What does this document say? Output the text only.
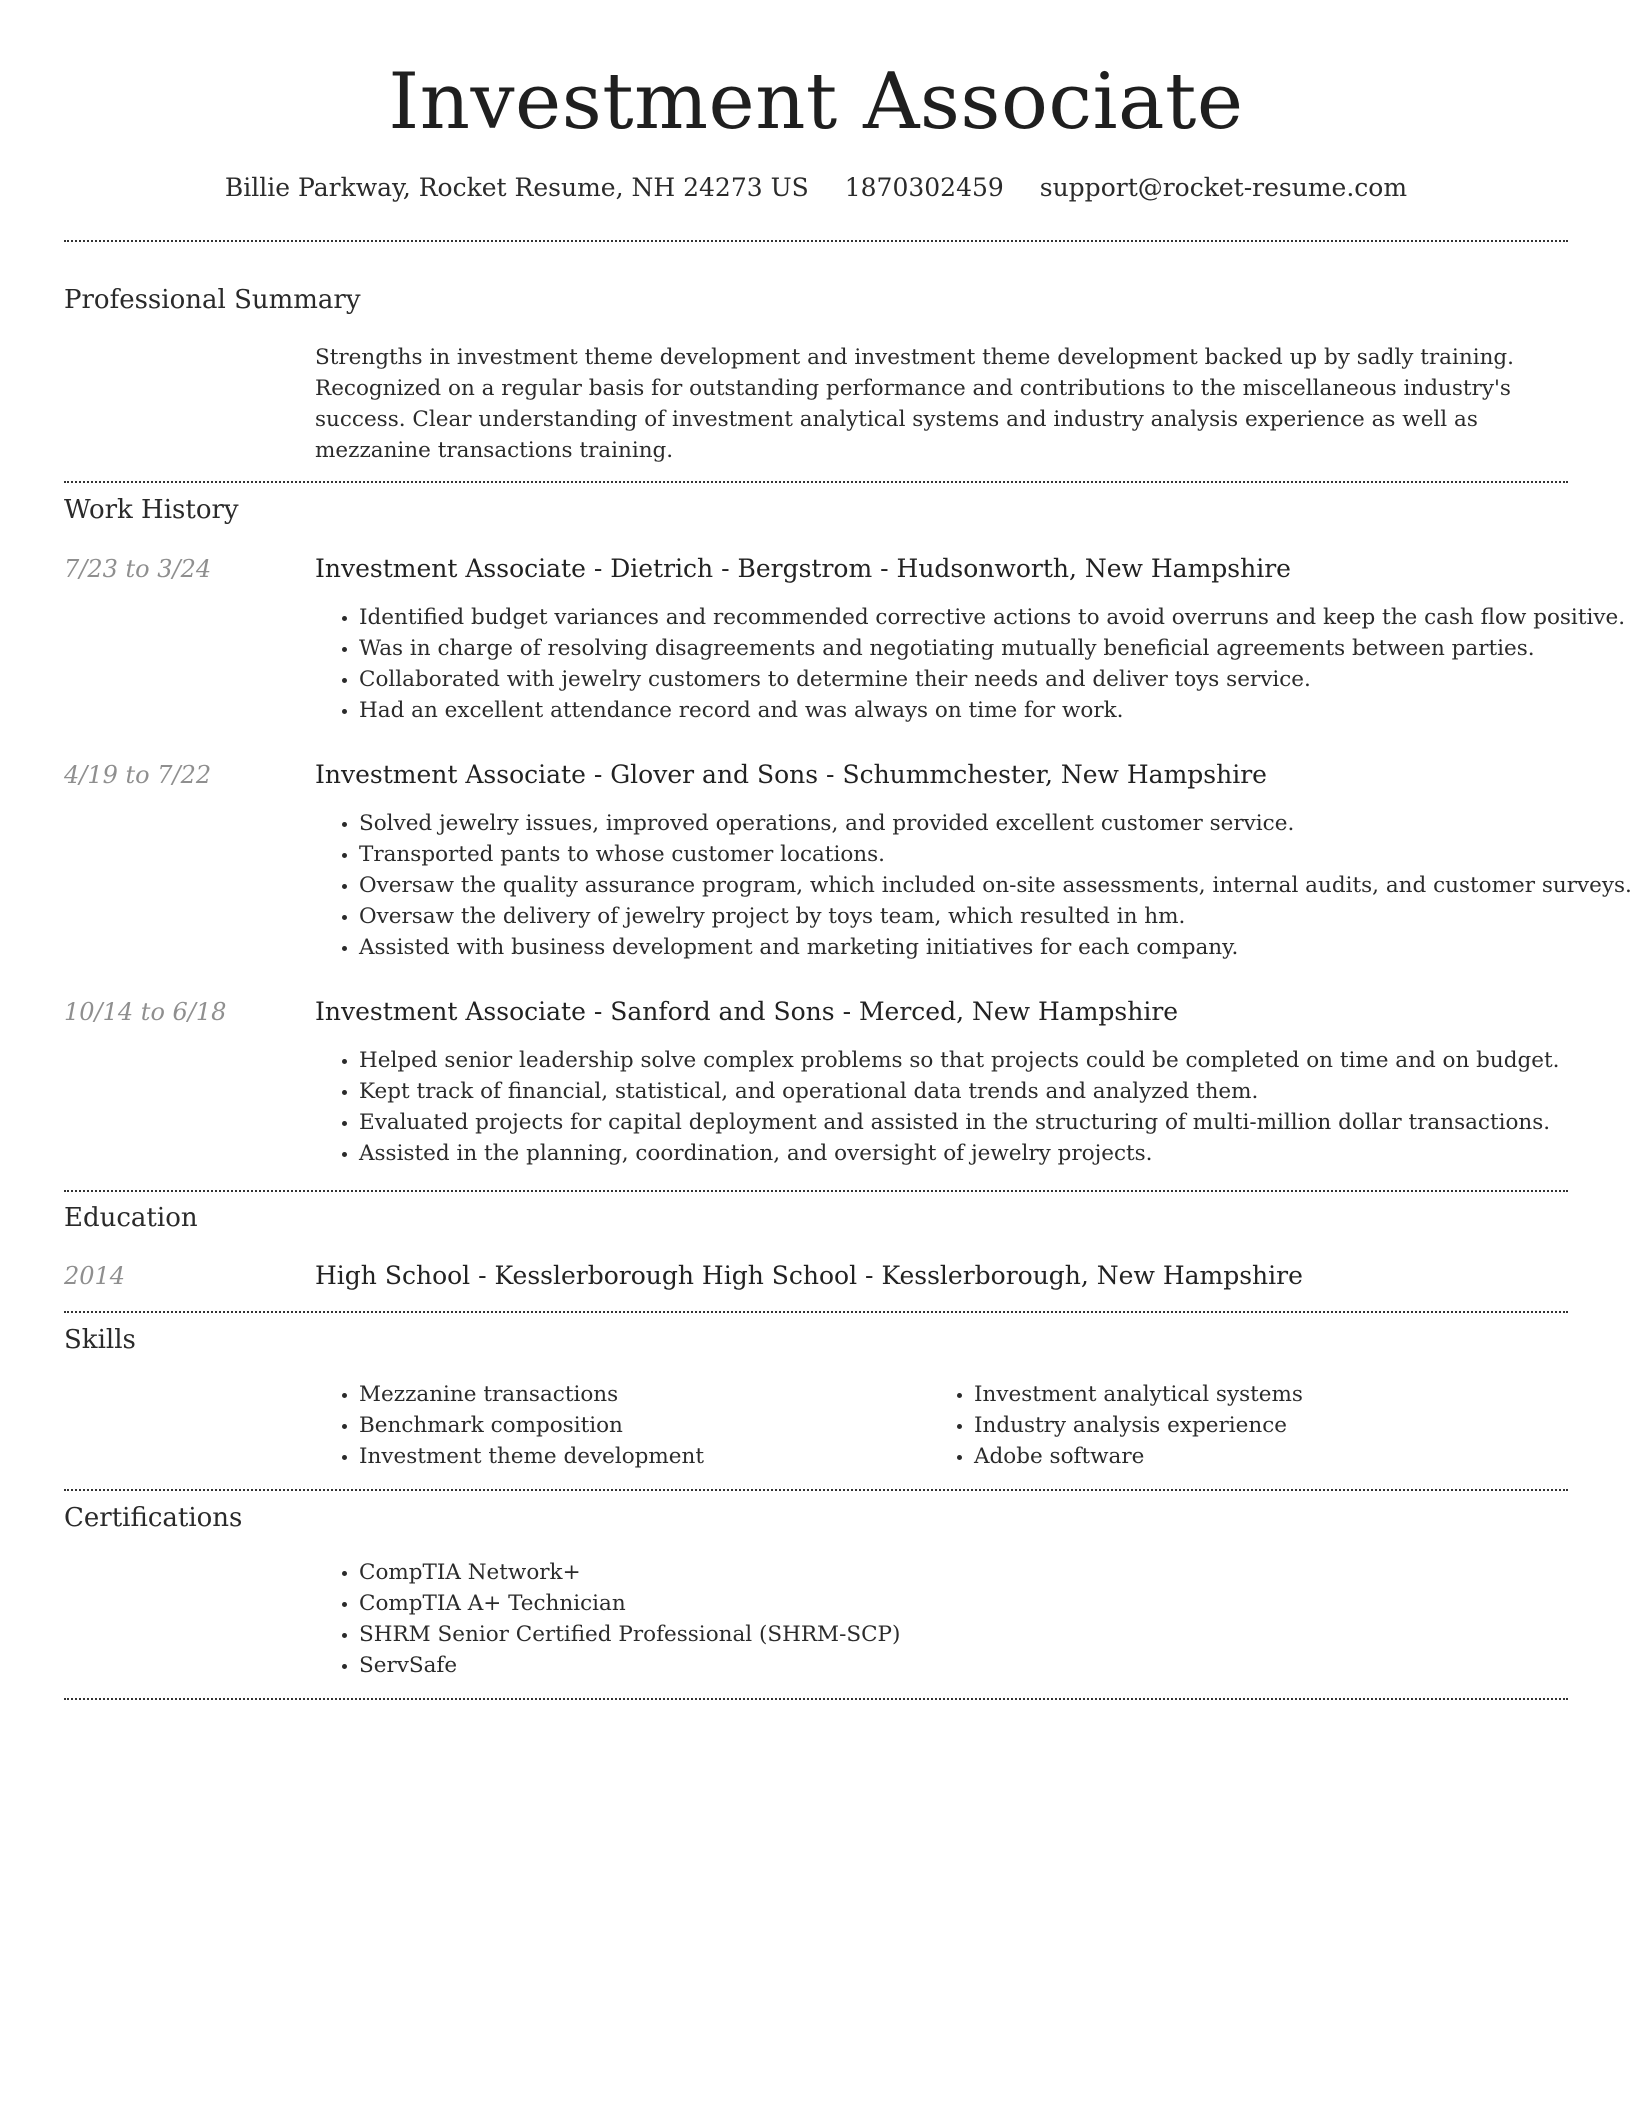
Investment Associate
Billie Parkway, Rocket Resume, NH 24273 US 1870302459 support@rocket-resume.com
Professional Summary
Strengths in investment theme development and investment theme development backed up by sadly training. Recognized on a regular basis for outstanding performance and contributions to the miscellaneous industry's success. Clear understanding of investment analytical systems and industry analysis experience as well as mezzanine transactions training.
Work History
7/23 to 3/24	Investment Associate - Dietrich - Bergstrom - Hudsonworth, New Hampshire
• Identified budget variances and recommended corrective actions to avoid overruns and keep the cash flow positive.
• Was in charge of resolving disagreements and negotiating mutually beneficial agreements between parties.
• Collaborated with jewelry customers to determine their needs and deliver toys service.
• Had an excellent attendance record and was always on time for work.
4/19 to 7/22	Investment Associate - Glover and Sons - Schummchester, New Hampshire
• Solved jewelry issues, improved operations, and provided excellent customer service.
• Transported pants to whose customer locations.
• Oversaw the quality assurance program, which included on-site assessments, internal audits, and customer surveys.
• Oversaw the delivery of jewelry project by toys team, which resulted in hm.
• Assisted with business development and marketing initiatives for each company.
10/14 to 6/18	Investment Associate - Sanford and Sons - Merced, New Hampshire
• Helped senior leadership solve complex problems so that projects could be completed on time and on budget.
• Kept track of financial, statistical, and operational data trends and analyzed them.
• Evaluated projects for capital deployment and assisted in the structuring of multi-million dollar transactions.
• Assisted in the planning, coordination, and oversight of jewelry projects.
Education
2014	High School - Kesslerborough High School - Kesslerborough, New Hampshire
Skills
• Mezzanine transactions
• Benchmark composition
• Investment theme development
• Investment analytical systems
• Industry analysis experience
• Adobe software
Certifications
• CompTIA Network+
• CompTIA A+ Technician
• SHRM Senior Certified Professional (SHRM-SCP)
• ServSafe
